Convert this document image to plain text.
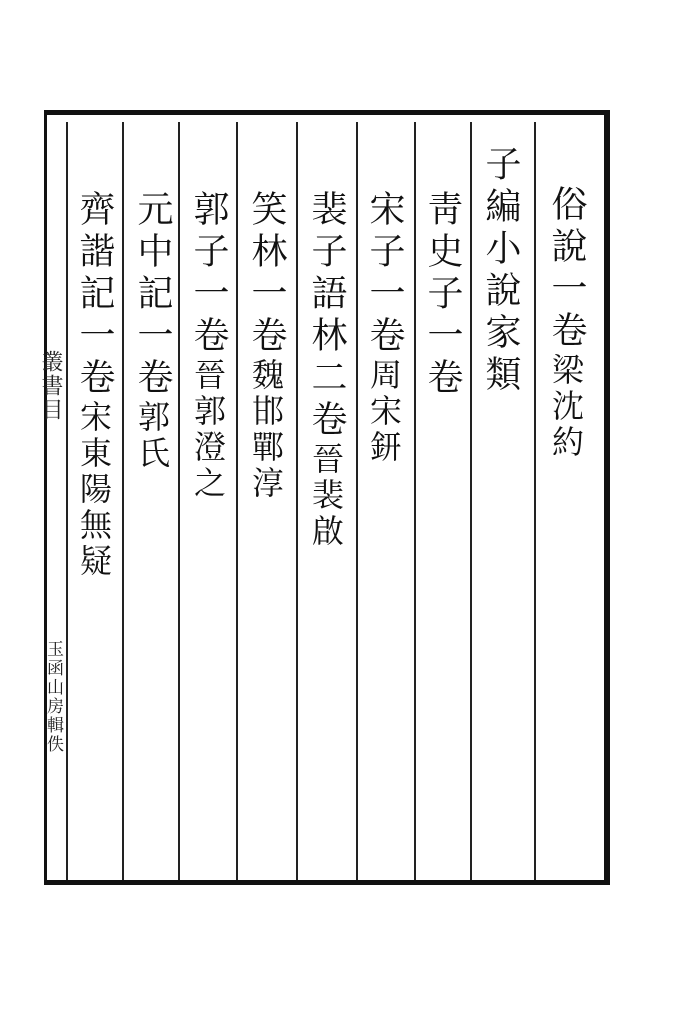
俗說一卷梁沈約
子編小說家類
靑史子一卷
宋子一卷周宋鈃
裴子語林二卷晉裴啟
笑林一卷魏邯鄲淳
郭子一卷晉郭澄之
元中記一卷郭氏
齊諧記一卷宋東陽無疑
叢書目
玉函山房輯佚
